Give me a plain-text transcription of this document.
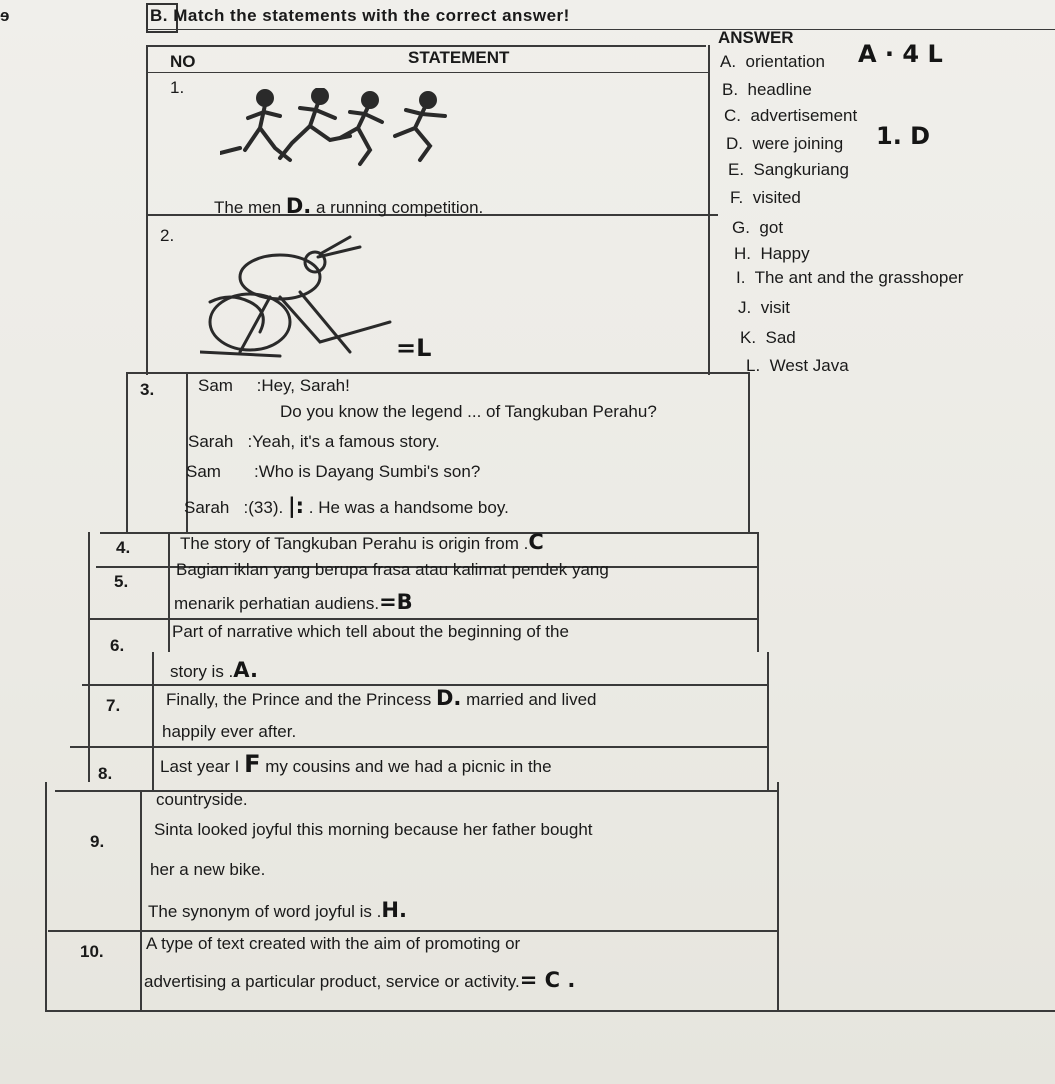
ɘ	B. Match the statements with the correct answer!
NO	STATEMENT
ANSWER
A. orientation A · 4 L
B. headline
C. advertisement
D. were joining 1. D
E. Sangkuriang
F. visited
G. got
H. Happy
I. The ant and the grasshoper
J. visit
K. Sad
L. West Java
1.
The men D. a running competition.
2.
=L
3.	Sam :Hey, Sarah!
Do you know the legend ... of Tangkuban Perahu?
Sarah :Yeah, it's a famous story.
Sam :Who is Dayang Sumbi's son?
Sarah :(33). |: . He was a handsome boy.
4.	The story of Tangkuban Perahu is origin from .C
5.
Bagian iklan yang berupa frasa atau kalimat pendek yang
menarik perhatian audiens.=B
6.
Part of narrative which tell about the beginning of the
story is .A.
7.	Finally, the Prince and the Princess D. married and lived
happily ever after.
8.	Last year I F my cousins and we had a picnic in the
countryside.
9.
Sinta looked joyful this morning because her father bought
her a new bike.
The synonym of word joyful is .H.
10. A type of text created with the aim of promoting or
advertising a particular product, service or activity.= C .
